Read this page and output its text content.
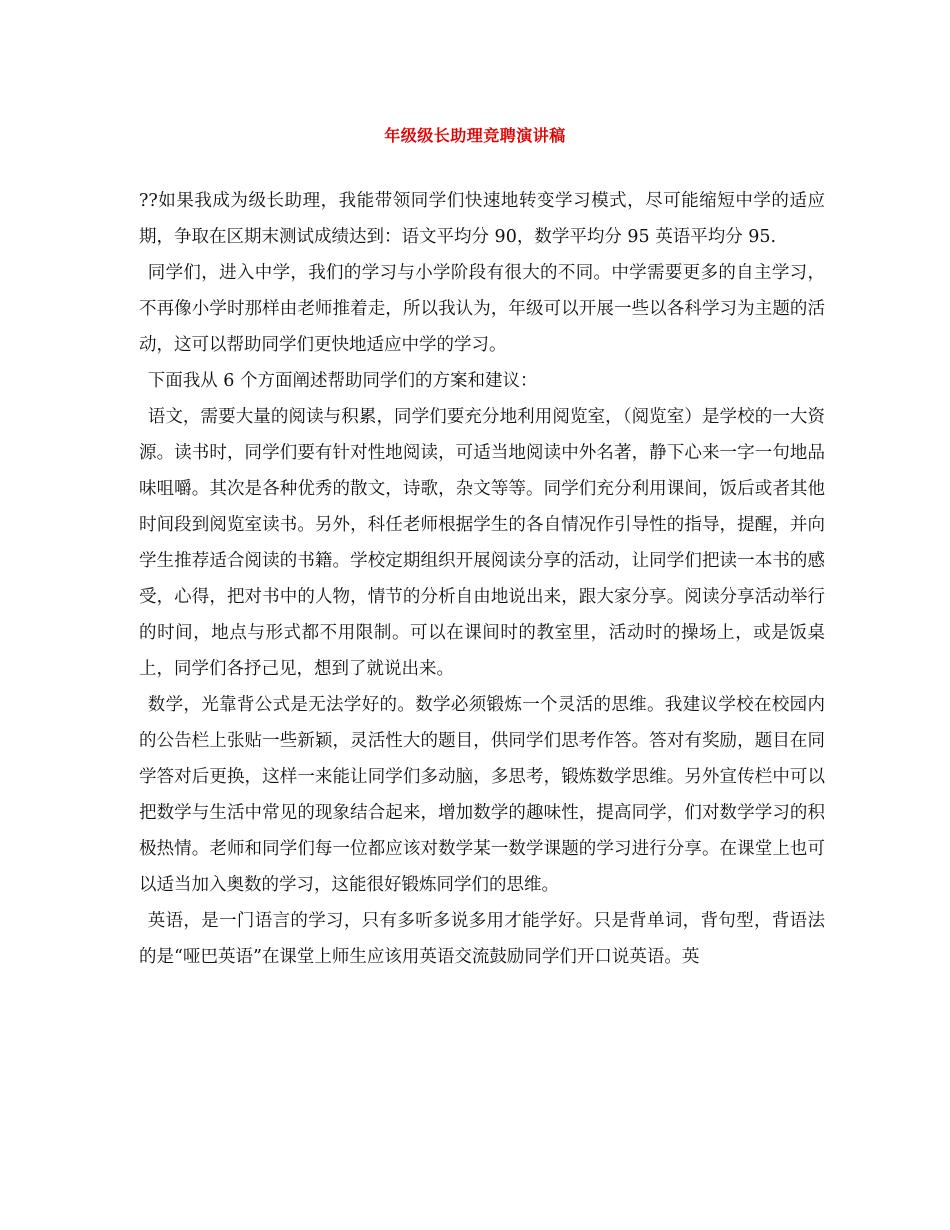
年级级长助理竞聘演讲稿

??如果我成为级长助理，我能带领同学们快速地转变学习模式，尽可能缩短中学的适应期，争取在区期末测试成绩达到：语文平均分 90，数学平均分 95 英语平均分 95.

同学们，进入中学，我们的学习与小学阶段有很大的不同。中学需要更多的自主学习，不再像小学时那样由老师推着走，所以我认为，年级可以开展一些以各科学习为主题的活动，这可以帮助同学们更快地适应中学的学习。

下面我从 6 个方面阐述帮助同学们的方案和建议：

语文，需要大量的阅读与积累，同学们要充分地利用阅览室，（阅览室）是学校的一大资源。读书时，同学们要有针对性地阅读，可适当地阅读中外名著，静下心来一字一句地品味咀嚼。其次是各种优秀的散文，诗歌，杂文等等。同学们充分利用课间，饭后或者其他时间段到阅览室读书。另外，科任老师根据学生的各自情况作引导性的指导，提醒，并向学生推荐适合阅读的书籍。学校定期组织开展阅读分享的活动，让同学们把读一本书的感受，心得，把对书中的人物，情节的分析自由地说出来，跟大家分享。阅读分享活动举行的时间，地点与形式都不用限制。可以在课间时的教室里，活动时的操场上，或是饭桌上，同学们各抒己见，想到了就说出来。

数学，光靠背公式是无法学好的。数学必须锻炼一个灵活的思维。我建议学校在校园内的公告栏上张贴一些新颖，灵活性大的题目，供同学们思考作答。答对有奖励，题目在同学答对后更换，这样一来能让同学们多动脑，多思考，锻炼数学思维。另外宣传栏中可以把数学与生活中常见的现象结合起来，增加数学的趣味性，提高同学，们对数学学习的积极热情。老师和同学们每一位都应该对数学某一数学课题的学习进行分享。在课堂上也可以适当加入奥数的学习，这能很好锻炼同学们的思维。

英语，是一门语言的学习，只有多听多说多用才能学好。只是背单词，背句型，背语法的是“哑巴英语”在课堂上师生应该用英语交流鼓励同学们开口说英语。英
